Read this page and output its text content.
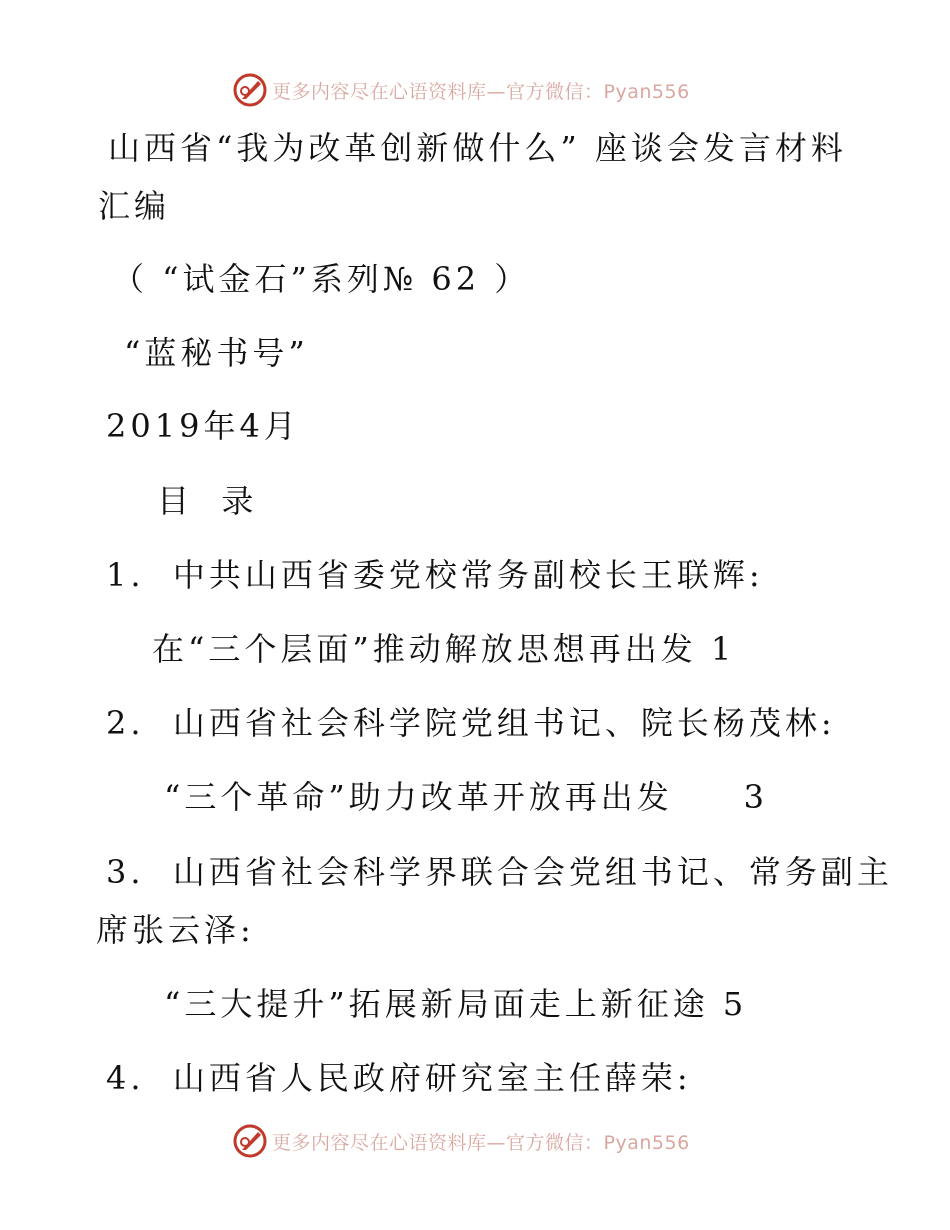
更多内容尽在心语资料库—官方微信：Pyan556
山西省“我为改革创新做什么” 座谈会发言材料
汇编
（ “试金石”系列№ 62 ）
“蓝秘书号”
2019年4月
目  录
1.  中共山西省委党校常务副校长王联辉:
在“三个层面”推动解放思想再出发 1
2.  山西省社会科学院党组书记、院长杨茂林:
“三个革命”助力改革开放再出发     3
3.  山西省社会科学界联合会党组书记、常务副主
席张云泽:
“三大提升”拓展新局面走上新征途 5
4.  山西省人民政府研究室主任薛荣:
更多内容尽在心语资料库—官方微信：Pyan556
